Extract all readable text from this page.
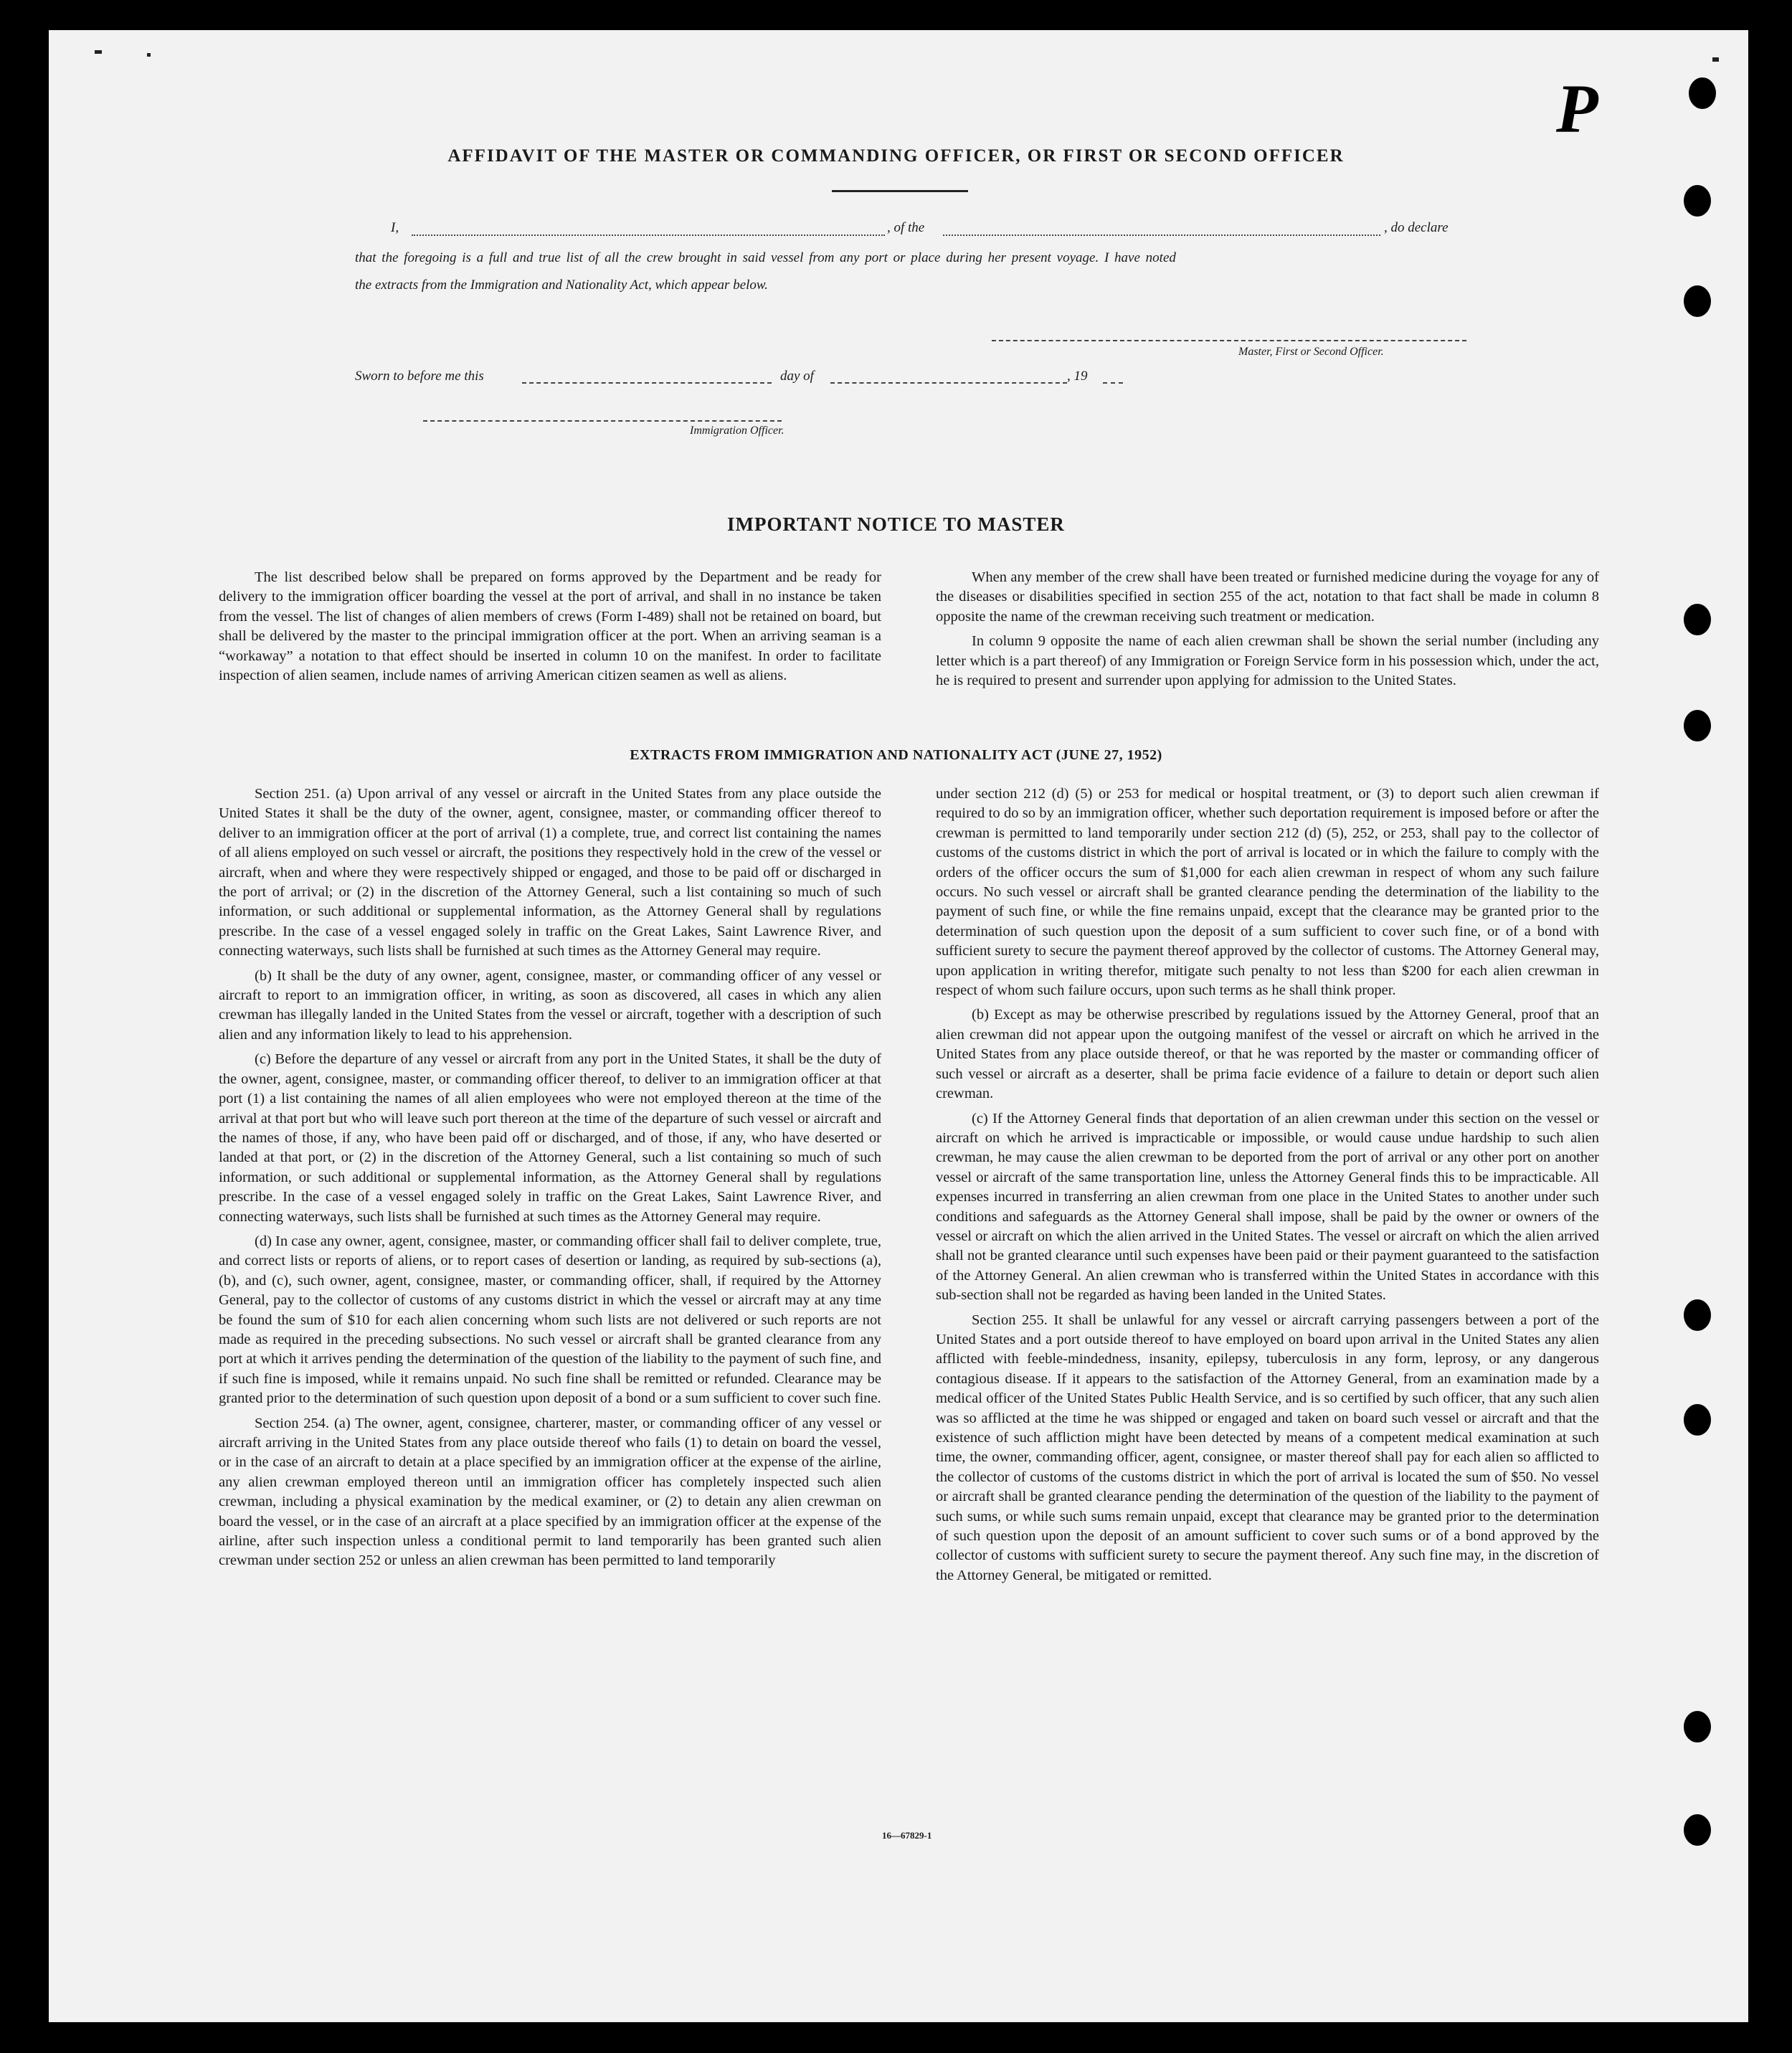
P
AFFIDAVIT OF THE MASTER OR COMMANDING OFFICER, OR FIRST OR SECOND OFFICER
I,	, of the	, do declare
that the foregoing is a full and true list of all the crew brought in said vessel from any port or place during her present voyage. I have noted
the extracts from the Immigration and Nationality Act, which appear below.
Master, First or Second Officer.
Sworn to before me this	day of	, 19
Immigration Officer.
IMPORTANT NOTICE TO MASTER

The list described below shall be prepared on forms approved by the Department and be ready for delivery to the immigration officer boarding the vessel at the port of arrival, and shall in no instance be taken from the vessel. The list of changes of alien members of crews (Form I-489) shall not be retained on board, but shall be delivered by the master to the principal immigration officer at the port. When an arriving seaman is a “workaway” a notation to that effect should be inserted in column 10 on the manifest. In order to facilitate inspection of alien seamen, include names of arriving American citizen seamen as well as aliens.

When any member of the crew shall have been treated or furnished medicine during the voyage for any of the diseases or disabilities specified in section 255 of the act, notation to that fact shall be made in column 8 opposite the name of the crewman receiving such treatment or medication.

In column 9 opposite the name of each alien crewman shall be shown the serial number (including any letter which is a part thereof) of any Immigration or Foreign Service form in his possession which, under the act, he is required to present and surrender upon applying for admission to the United States.

EXTRACTS FROM IMMIGRATION AND NATIONALITY ACT (JUNE 27, 1952)

Section 251. (a) Upon arrival of any vessel or aircraft in the United States from any place outside the United States it shall be the duty of the owner, agent, consignee, master, or commanding officer thereof to deliver to an immigration officer at the port of arrival (1) a complete, true, and correct list containing the names of all aliens employed on such vessel or aircraft, the positions they respectively hold in the crew of the vessel or aircraft, when and where they were respectively shipped or engaged, and those to be paid off or discharged in the port of arrival; or (2) in the discretion of the Attorney General, such a list containing so much of such information, or such additional or supplemental information, as the Attorney General shall by regulations prescribe. In the case of a vessel engaged solely in traffic on the Great Lakes, Saint Lawrence River, and connecting waterways, such lists shall be furnished at such times as the Attorney General may require.

(b) It shall be the duty of any owner, agent, consignee, master, or commanding officer of any vessel or aircraft to report to an immigration officer, in writing, as soon as discovered, all cases in which any alien crewman has illegally landed in the United States from the vessel or aircraft, together with a description of such alien and any information likely to lead to his apprehension.

(c) Before the departure of any vessel or aircraft from any port in the United States, it shall be the duty of the owner, agent, consignee, master, or commanding officer thereof, to deliver to an immigration officer at that port (1) a list containing the names of all alien employees who were not employed thereon at the time of the arrival at that port but who will leave such port thereon at the time of the departure of such vessel or aircraft and the names of those, if any, who have been paid off or discharged, and of those, if any, who have deserted or landed at that port, or (2) in the discretion of the Attorney General, such a list containing so much of such information, or such additional or supplemental information, as the Attorney General shall by regulations prescribe. In the case of a vessel engaged solely in traffic on the Great Lakes, Saint Lawrence River, and connecting waterways, such lists shall be furnished at such times as the Attorney General may require.

(d) In case any owner, agent, consignee, master, or commanding officer shall fail to deliver complete, true, and correct lists or reports of aliens, or to report cases of desertion or landing, as required by sub-sections (a), (b), and (c), such owner, agent, consignee, master, or commanding officer, shall, if required by the Attorney General, pay to the collector of customs of any customs district in which the vessel or aircraft may at any time be found the sum of $10 for each alien concerning whom such lists are not delivered or such reports are not made as required in the preceding subsections. No such vessel or aircraft shall be granted clearance from any port at which it arrives pending the determination of the question of the liability to the payment of such fine, and if such fine is imposed, while it remains unpaid. No such fine shall be remitted or refunded. Clearance may be granted prior to the determination of such question upon deposit of a bond or a sum sufficient to cover such fine.

Section 254. (a) The owner, agent, consignee, charterer, master, or commanding officer of any vessel or aircraft arriving in the United States from any place outside thereof who fails (1) to detain on board the vessel, or in the case of an aircraft to detain at a place specified by an immigration officer at the expense of the airline, any alien crewman employed thereon until an immigration officer has completely inspected such alien crewman, including a physical examination by the medical examiner, or (2) to detain any alien crewman on board the vessel, or in the case of an aircraft at a place specified by an immigration officer at the expense of the airline, after such inspection unless a conditional permit to land temporarily has been granted such alien crewman under section 252 or unless an alien crewman has been permitted to land temporarily

under section 212 (d) (5) or 253 for medical or hospital treatment, or (3) to deport such alien crewman if required to do so by an immigration officer, whether such deportation requirement is imposed before or after the crewman is permitted to land temporarily under section 212 (d) (5), 252, or 253, shall pay to the collector of customs of the customs district in which the port of arrival is located or in which the failure to comply with the orders of the officer occurs the sum of $1,000 for each alien crewman in respect of whom any such failure occurs. No such vessel or aircraft shall be granted clearance pending the determination of the liability to the payment of such fine, or while the fine remains unpaid, except that the clearance may be granted prior to the determination of such question upon the deposit of a sum sufficient to cover such fine, or of a bond with sufficient surety to secure the payment thereof approved by the collector of customs. The Attorney General may, upon application in writing therefor, mitigate such penalty to not less than $200 for each alien crewman in respect of whom such failure occurs, upon such terms as he shall think proper.

(b) Except as may be otherwise prescribed by regulations issued by the Attorney General, proof that an alien crewman did not appear upon the outgoing manifest of the vessel or aircraft on which he arrived in the United States from any place outside thereof, or that he was reported by the master or commanding officer of such vessel or aircraft as a deserter, shall be prima facie evidence of a failure to detain or deport such alien crewman.

(c) If the Attorney General finds that deportation of an alien crewman under this section on the vessel or aircraft on which he arrived is impracticable or impossible, or would cause undue hardship to such alien crewman, he may cause the alien crewman to be deported from the port of arrival or any other port on another vessel or aircraft of the same transportation line, unless the Attorney General finds this to be impracticable. All expenses incurred in transferring an alien crewman from one place in the United States to another under such conditions and safeguards as the Attorney General shall impose, shall be paid by the owner or owners of the vessel or aircraft on which the alien arrived in the United States. The vessel or aircraft on which the alien arrived shall not be granted clearance until such expenses have been paid or their payment guaranteed to the satisfaction of the Attorney General. An alien crewman who is transferred within the United States in accordance with this sub-section shall not be regarded as having been landed in the United States.

Section 255. It shall be unlawful for any vessel or aircraft carrying passengers between a port of the United States and a port outside thereof to have employed on board upon arrival in the United States any alien afflicted with feeble-mindedness, insanity, epilepsy, tuberculosis in any form, leprosy, or any dangerous contagious disease. If it appears to the satisfaction of the Attorney General, from an examination made by a medical officer of the United States Public Health Service, and is so certified by such officer, that any such alien was so afflicted at the time he was shipped or engaged and taken on board such vessel or aircraft and that the existence of such affliction might have been detected by means of a competent medical examination at such time, the owner, commanding officer, agent, consignee, or master thereof shall pay for each alien so afflicted to the collector of customs of the customs district in which the port of arrival is located the sum of $50. No vessel or aircraft shall be granted clearance pending the determination of the question of the liability to the payment of such sums, or while such sums remain unpaid, except that clearance may be granted prior to the determination of such question upon the deposit of an amount sufficient to cover such sums or of a bond approved by the collector of customs with sufficient surety to secure the payment thereof. Any such fine may, in the discretion of the Attorney General, be mitigated or remitted.

16—67829-1
